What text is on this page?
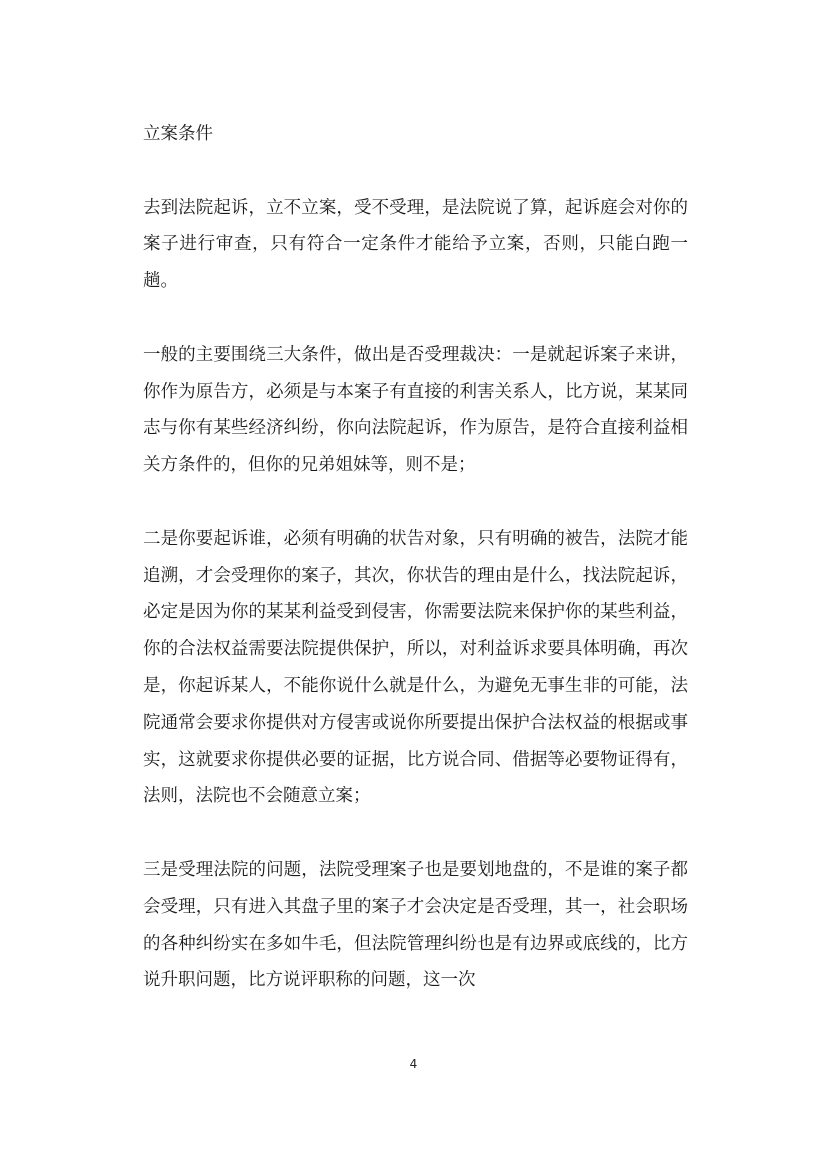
立案条件
去到法院起诉，立不立案，受不受理，是法院说了算，起诉庭会对你的案子进行审查，只有符合一定条件才能给予立案，否则，只能白跑一趟。
一般的主要围绕三大条件，做出是否受理裁决：一是就起诉案子来讲，你作为原告方，必须是与本案子有直接的利害关系人，比方说，某某同志与你有某些经济纠纷，你向法院起诉，作为原告，是符合直接利益相关方条件的，但你的兄弟姐妹等，则不是；
二是你要起诉谁，必须有明确的状告对象，只有明确的被告，法院才能追溯，才会受理你的案子，其次，你状告的理由是什么，找法院起诉，必定是因为你的某某利益受到侵害，你需要法院来保护你的某些利益，你的合法权益需要法院提供保护，所以，对利益诉求要具体明确，再次是，你起诉某人，不能你说什么就是什么，为避免无事生非的可能，法院通常会要求你提供对方侵害或说你所要提出保护合法权益的根据或事实，这就要求你提供必要的证据，比方说合同、借据等必要物证得有，法则，法院也不会随意立案；
三是受理法院的问题，法院受理案子也是要划地盘的，不是谁的案子都会受理，只有进入其盘子里的案子才会决定是否受理，其一，社会职场的各种纠纷实在多如牛毛，但法院管理纠纷也是有边界或底线的，比方说升职问题，比方说评职称的问题，这一次
4
